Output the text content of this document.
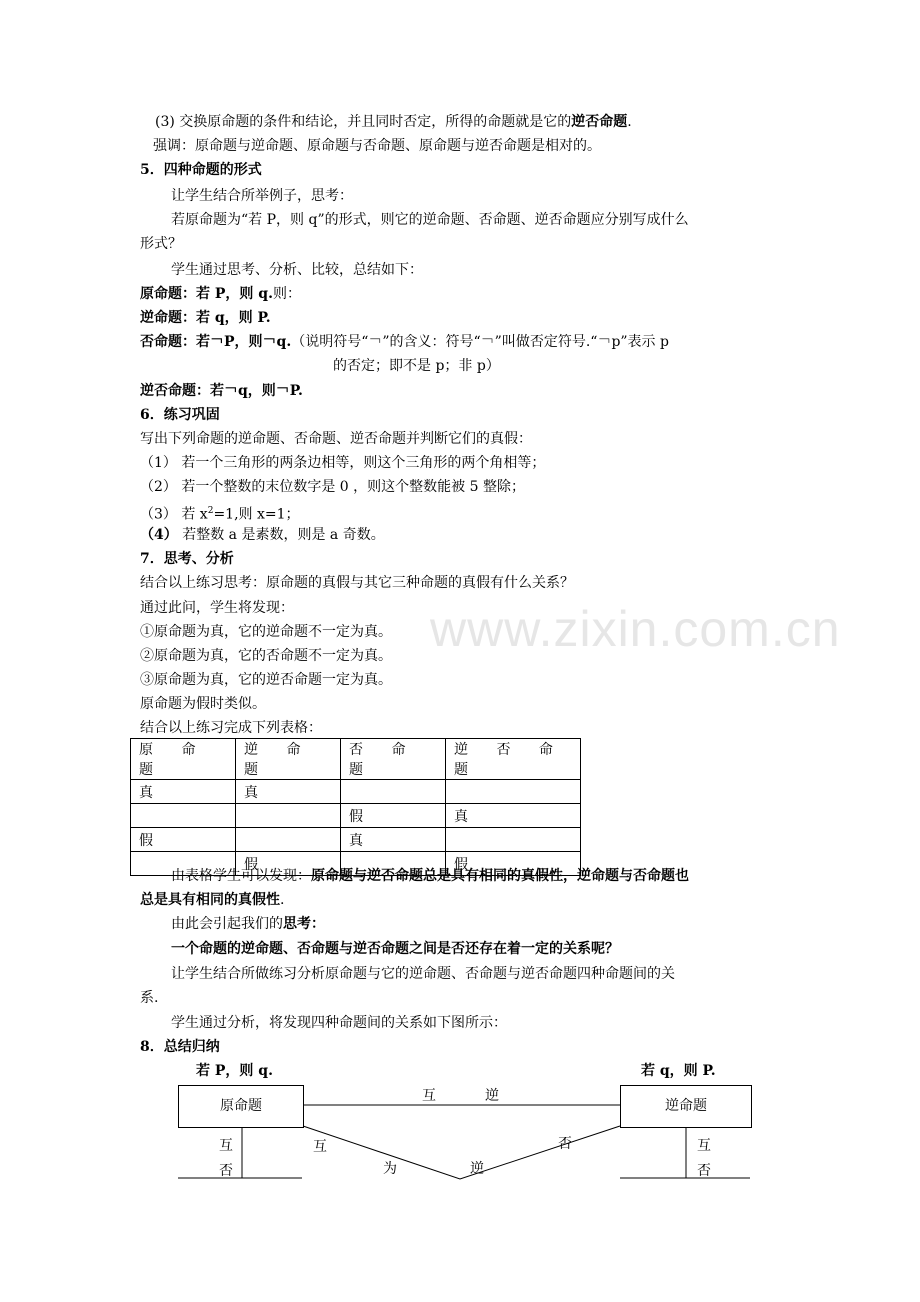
www.zixin.com.cn
(3) 交换原命题的条件和结论，并且同时否定，所得的命题就是它的逆否命题.
强调：原命题与逆命题、原命题与否命题、原命题与逆否命题是相对的。
5．四种命题的形式
让学生结合所举例子，思考：
若原命题为“若 P，则 q”的形式，则它的逆命题、否命题、逆否命题应分别写成什么
形式？
学生通过思考、分析、比较，总结如下：
原命题：若 P，则 q.则：
逆命题：若 q，则 P.
否命题：若￢P，则￢q.（说明符号“￢”的含义：符号“￢”叫做否定符号.“￢p”表示 p
的否定；即不是 p；非 p）
逆否命题：若￢q，则￢P.
6．练习巩固
写出下列命题的逆命题、否命题、逆否命题并判断它们的真假：
（1） 若一个三角形的两条边相等，则这个三角形的两个角相等；
（2） 若一个整数的末位数字是 0 ，则这个整数能被 5 整除；
（3） 若 $x^2=1$,则 x=1；
（4） 若整数 a 是素数，则是 a 奇数。
7．思考、分析
结合以上练习思考：原命题的真假与其它三种命题的真假有什么关系？
通过此问，学生将发现：
①原命题为真，它的逆命题不一定为真。
②原命题为真，它的否命题不一定为真。
③原命题为真，它的逆否命题一定为真。
原命题为假时类似。
结合以上练习完成下列表格：
原 命 题	逆 命 题	否 命 题	逆 否 命 题
真	真		
		假	真
假		真	
	假		假
由表格学生可以发现：原命题与逆否命题总是具有相同的真假性，逆命题与否命题也
总是具有相同的真假性.
由此会引起我们的思考：
一个命题的逆命题、否命题与逆否命题之间是否还存在着一定的关系呢？
让学生结合所做练习分析原命题与它的逆命题、否命题与逆否命题四种命题间的关
系.
学生通过分析，将发现四种命题间的关系如下图所示：
8．总结归纳
若 P，则 q.	若 q，则 P.
原命题	逆命题
互	逆
互
否
互
否
互
为	逆
否
